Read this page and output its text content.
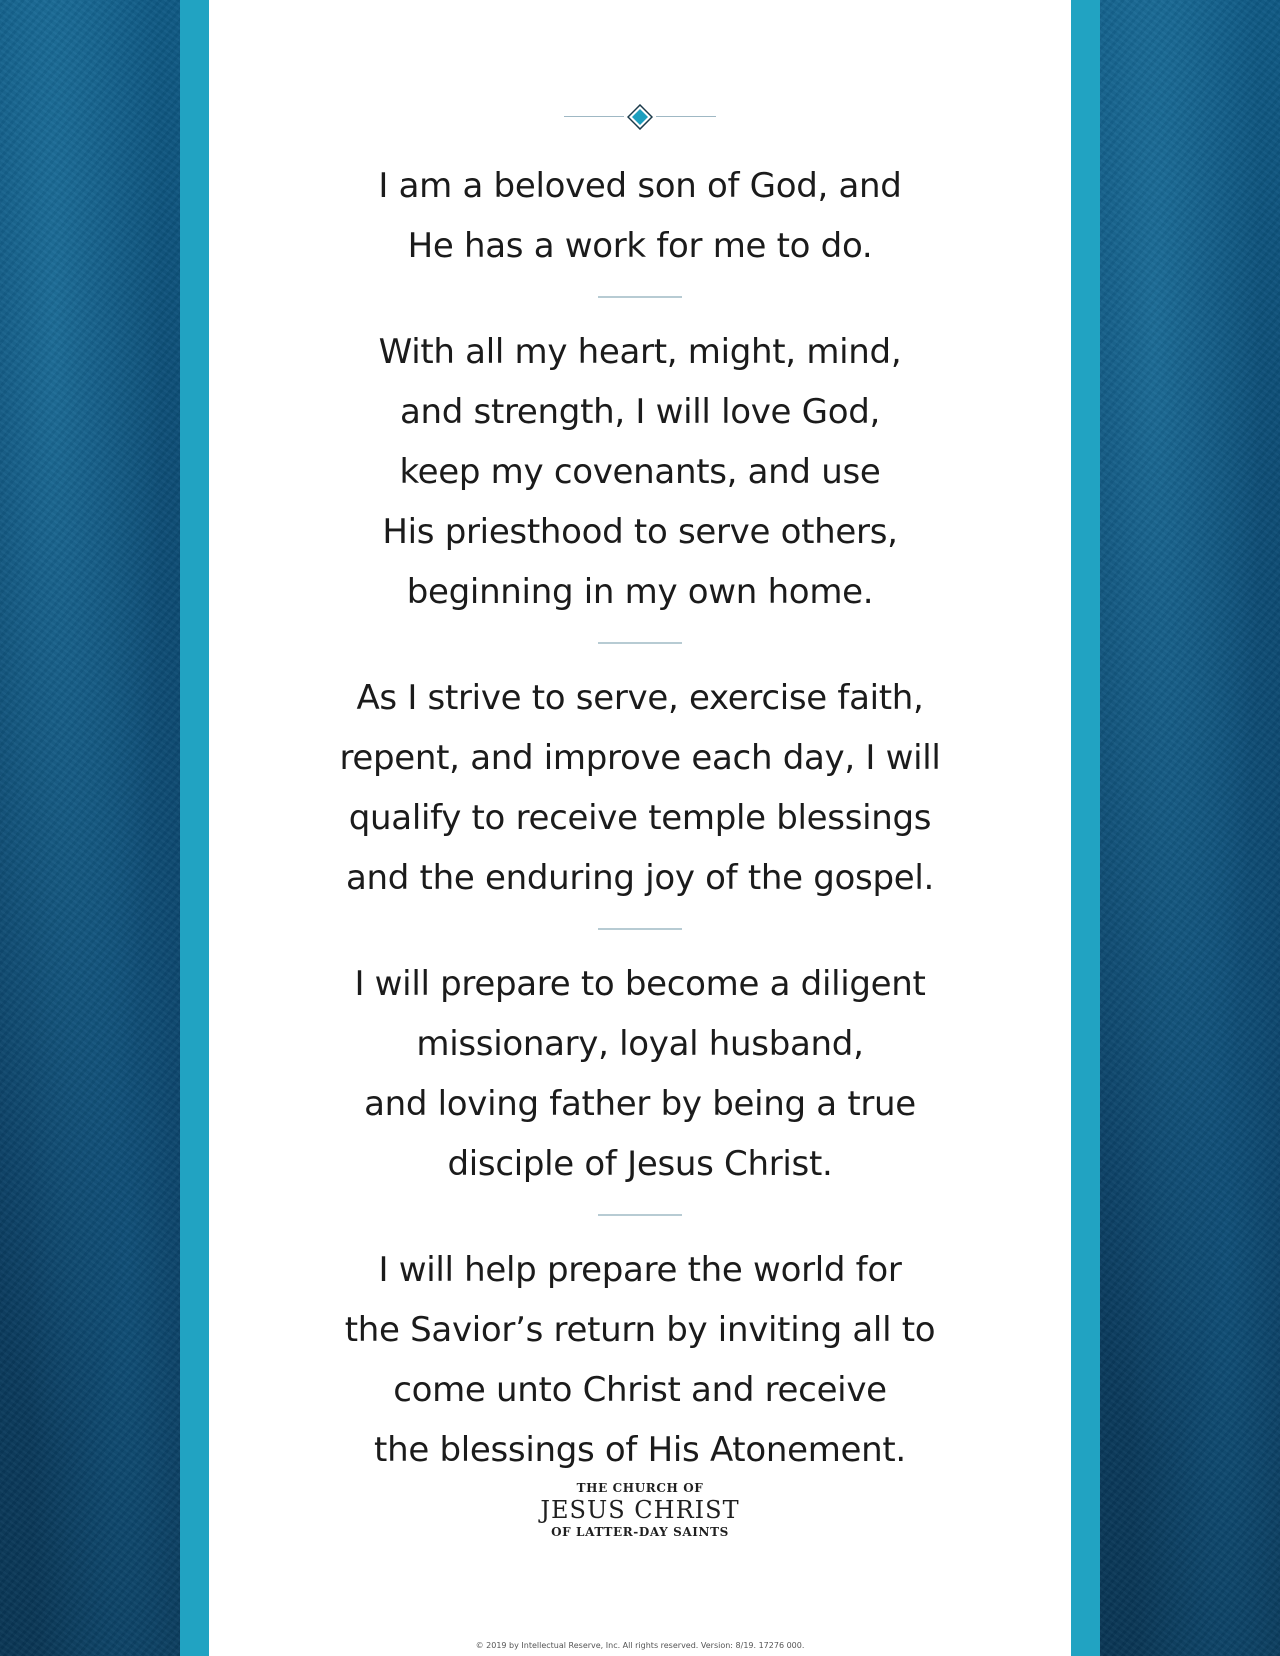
I am a beloved son of God, and
He has a work for me to do.
With all my heart, might, mind,
and strength, I will love God,
keep my covenants, and use
His priesthood to serve others,
beginning in my own home.
As I strive to serve, exercise faith,
repent, and improve each day, I will
qualify to receive temple blessings
and the enduring joy of the gospel.
I will prepare to become a diligent
missionary, loyal husband,
and loving father by being a true
disciple of Jesus Christ.
I will help prepare the world for
the Savior’s return by inviting all to
come unto Christ and receive
the blessings of His Atonement.
THE CHURCH OF
JESUS CHRIST
OF LATTER-DAY SAINTS
© 2019 by Intellectual Reserve, Inc. All rights reserved. Version: 8/19. 17276 000.
